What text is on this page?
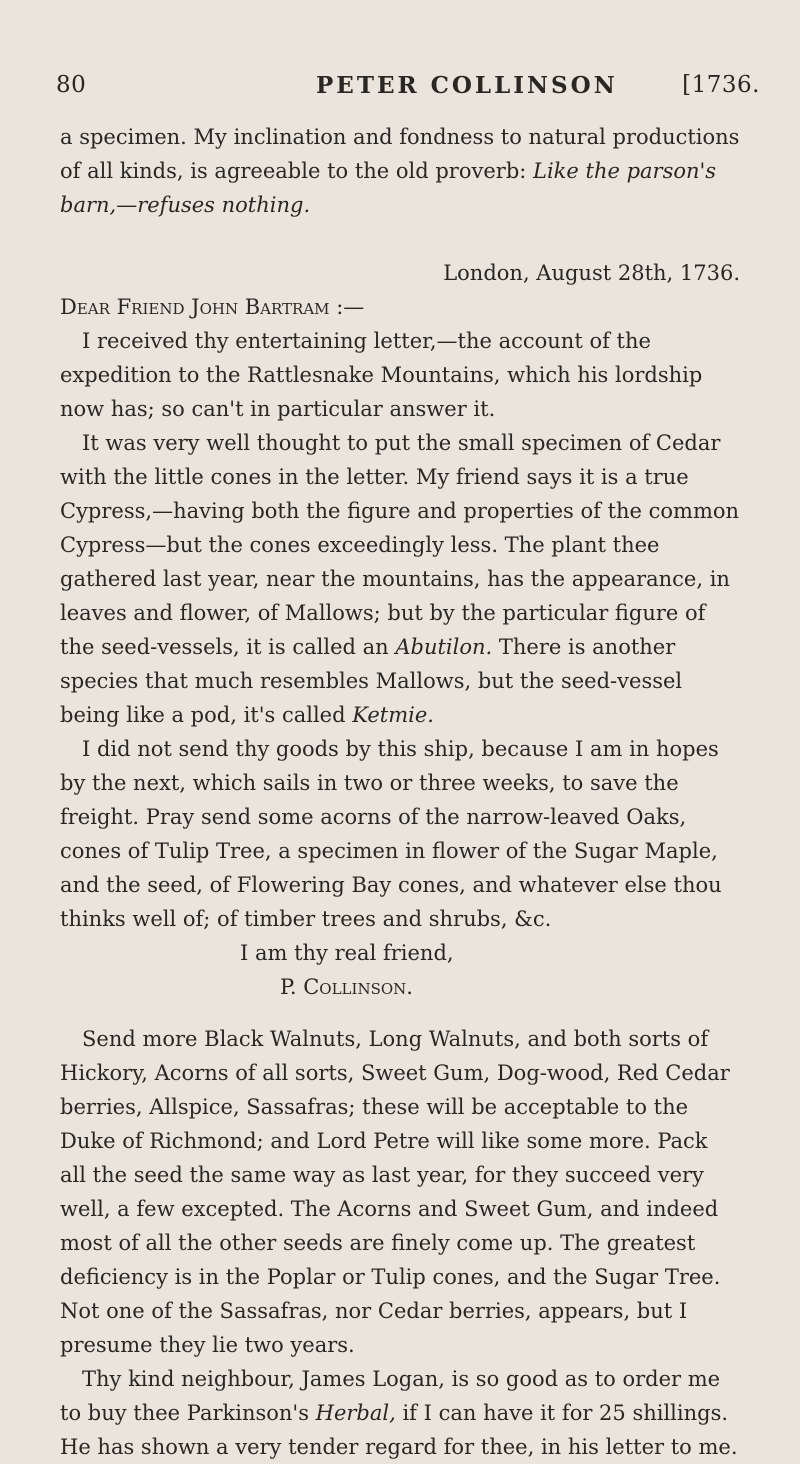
80	PETER COLLINSON	[1736.

a specimen. My inclination and fondness to natural productions of all kinds, is agreeable to the old proverb: Like the parson's barn,—refuses nothing.

London, August 28th, 1736.

Dear Friend John Bartram :—

I received thy entertaining letter,—the account of the expedition to the Rattlesnake Mountains, which his lordship now has; so can't in particular answer it.

It was very well thought to put the small specimen of Cedar with the little cones in the letter. My friend says it is a true Cypress,—having both the figure and properties of the common Cypress—but the cones exceedingly less. The plant thee gathered last year, near the mountains, has the appearance, in leaves and flower, of Mallows; but by the particular figure of the seed-vessels, it is called an Abutilon. There is another species that much resembles Mallows, but the seed-vessel being like a pod, it's called Ketmie.

I did not send thy goods by this ship, because I am in hopes by the next, which sails in two or three weeks, to save the freight. Pray send some acorns of the narrow-leaved Oaks, cones of Tulip Tree, a specimen in flower of the Sugar Maple, and the seed, of Flowering Bay cones, and whatever else thou thinks well of; of timber trees and shrubs, &c.

I am thy real friend,

P. Collinson.

Send more Black Walnuts, Long Walnuts, and both sorts of Hickory, Acorns of all sorts, Sweet Gum, Dog-wood, Red Cedar berries, Allspice, Sassafras; these will be acceptable to the Duke of Richmond; and Lord Petre will like some more. Pack all the seed the same way as last year, for they succeed very well, a few excepted. The Acorns and Sweet Gum, and indeed most of all the other seeds are finely come up. The greatest deficiency is in the Poplar or Tulip cones, and the Sugar Tree. Not one of the Sassafras, nor Cedar berries, appears, but I presume they lie two years.

Thy kind neighbour, James Logan, is so good as to order me to buy thee Parkinson's Herbal, if I can have it for 25 shillings. He has shown a very tender regard for thee, in his letter to me.
